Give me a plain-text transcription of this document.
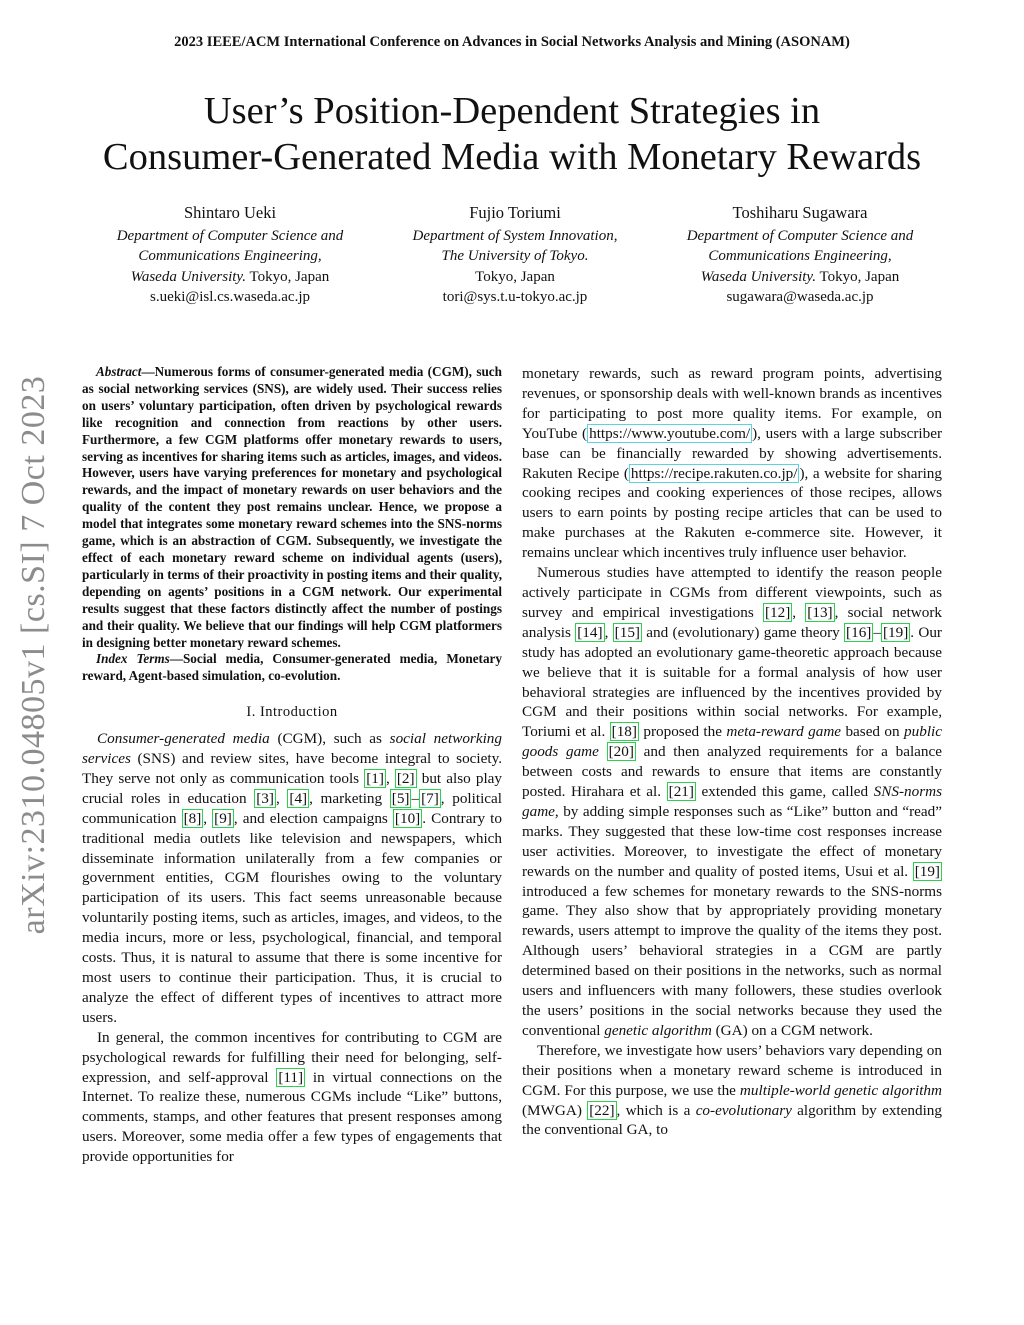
2023 IEEE/ACM International Conference on Advances in Social Networks Analysis and Mining (ASONAM)
User’s Position-Dependent Strategies in
Consumer-Generated Media with Monetary Rewards
Shintaro Ueki
Department of Computer Science and
Communications Engineering,
Waseda University. Tokyo, Japan
s.ueki@isl.cs.waseda.ac.jp
Fujio Toriumi
Department of System Innovation,
The University of Tokyo.
Tokyo, Japan
tori@sys.t.u-tokyo.ac.jp
Toshiharu Sugawara
Department of Computer Science and
Communications Engineering,
Waseda University. Tokyo, Japan
sugawara@waseda.ac.jp
arXiv:2310.04805v1 [cs.SI] 7 Oct 2023

Abstract—Numerous forms of consumer-generated media (CGM), such as social networking services (SNS), are widely used. Their success relies on users’ voluntary participation, often driven by psychological rewards like recognition and connection from reactions by other users. Furthermore, a few CGM platforms offer monetary rewards to users, serving as incentives for sharing items such as articles, images, and videos. However, users have varying preferences for monetary and psychological rewards, and the impact of monetary rewards on user behaviors and the quality of the content they post remains unclear. Hence, we propose a model that integrates some monetary reward schemes into the SNS-norms game, which is an abstraction of CGM. Subsequently, we investigate the effect of each monetary reward scheme on individual agents (users), particularly in terms of their proactivity in posting items and their quality, depending on agents’ positions in a CGM network. Our experimental results suggest that these factors distinctly affect the number of postings and their quality. We believe that our findings will help CGM platformers in designing better monetary reward schemes.

Index Terms—Social media, Consumer-generated media, Monetary reward, Agent-based simulation, co-evolution.

I. Introduction

Consumer-generated media (CGM), such as social networking services (SNS) and review sites, have become integral to society. They serve not only as communication tools [1] , [2] but also play crucial roles in education [3] , [4] , marketing [5] – [7] , political communication [8] , [9] , and election campaigns [10] . Contrary to traditional media outlets like television and newspapers, which disseminate information unilaterally from a few companies or government entities, CGM flourishes owing to the voluntary participation of its users. This fact seems unreasonable because voluntarily posting items, such as articles, images, and videos, to the media incurs, more or less, psychological, financial, and temporal costs. Thus, it is natural to assume that there is some incentive for most users to continue their participation. Thus, it is crucial to analyze the effect of different types of incentives to attract more users.

In general, the common incentives for contributing to CGM are psychological rewards for fulfilling their need for belonging, self-expression, and self-approval [11] in virtual connections on the Internet. To realize these, numerous CGMs include “Like” buttons, comments, stamps, and other features that present responses among users. Moreover, some media offer a few types of engagements that provide opportunities for

monetary rewards, such as reward program points, advertising revenues, or sponsorship deals with well-known brands as incentives for participating to post more quality items. For example, on YouTube ( https://www.youtube.com/ ), users with a large subscriber base can be financially rewarded by showing advertisements. Rakuten Recipe ( https://recipe.rakuten.co.jp/ ), a website for sharing cooking recipes and cooking experiences of those recipes, allows users to earn points by posting recipe articles that can be used to make purchases at the Rakuten e-commerce site. However, it remains unclear which incentives truly influence user behavior.

Numerous studies have attempted to identify the reason people actively participate in CGMs from different viewpoints, such as survey and empirical investigations [12] , [13] , social network analysis [14] , [15] and (evolutionary) game theory [16] – [19] . Our study has adopted an evolutionary game-theoretic approach because we believe that it is suitable for a formal analysis of how user behavioral strategies are influenced by the incentives provided by CGM and their positions within social networks. For example, Toriumi et al. [18] proposed the meta-reward game based on public goods game [20] and then analyzed requirements for a balance between costs and rewards to ensure that items are constantly posted. Hirahara et al. [21] extended this game, called SNS-norms game, by adding simple responses such as “Like” button and “read” marks. They suggested that these low-time cost responses increase user activities. Moreover, to investigate the effect of monetary rewards on the number and quality of posted items, Usui et al. [19] introduced a few schemes for monetary rewards to the SNS-norms game. They also show that by appropriately providing monetary rewards, users attempt to improve the quality of the items they post. Although users’ behavioral strategies in a CGM are partly determined based on their positions in the networks, such as normal users and influencers with many followers, these studies overlook the users’ positions in the social networks because they used the conventional genetic algorithm (GA) on a CGM network.

Therefore, we investigate how users’ behaviors vary depending on their positions when a monetary reward scheme is introduced in CGM. For this purpose, we use the multiple-world genetic algorithm (MWGA) [22] , which is a co-evolutionary algorithm by extending the conventional GA, to
